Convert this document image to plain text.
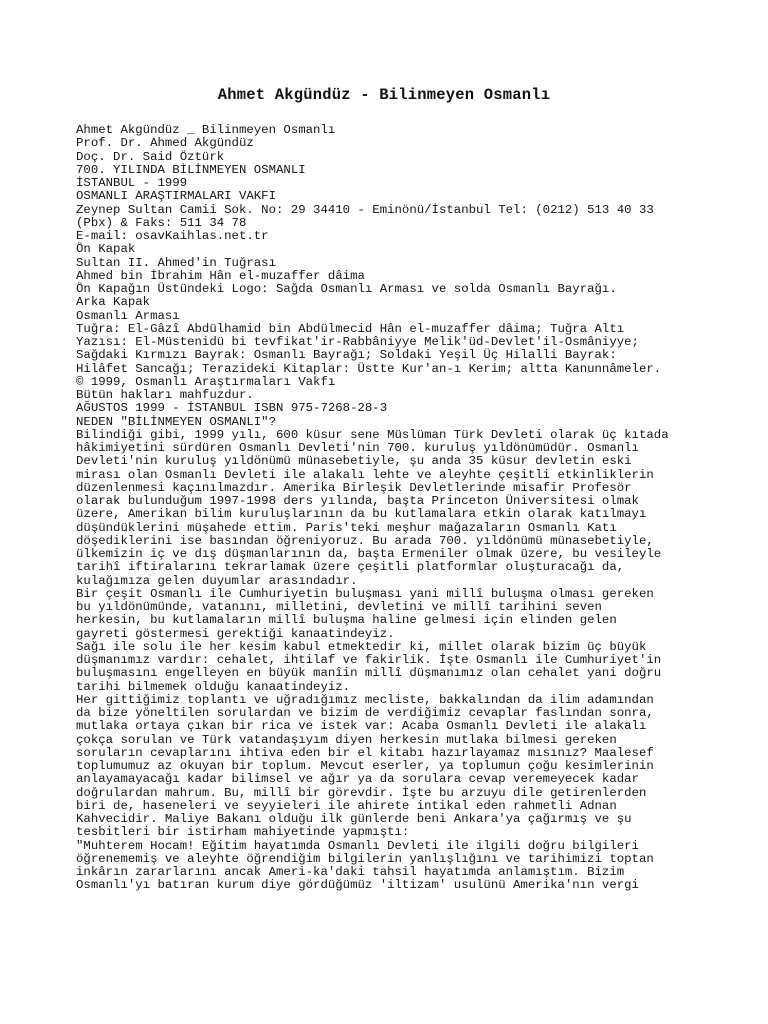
Ahmet Akgündüz - Bilinmeyen Osmanlı
Ahmet Akgündüz _ Bilinmeyen Osmanlı
Prof. Dr. Ahmed Akgündüz
Doç. Dr. Said Öztürk
700. YILINDA BİLİNMEYEN OSMANLI
İSTANBUL - 1999
OSMANLI ARAŞTIRMALARI VAKFI
Zeynep Sultan Camii Sok. No: 29 34410 - Eminönü/İstanbul Tel: (0212) 513 40 33
(Pbx) & Faks: 511 34 78
E-mail: osavKaihlas.net.tr
Ön Kapak
Sultan II. Ahmed'in Tuğrası
Ahmed bin İbrahim Hân el-muzaffer dâima
Ön Kapağın Üstündeki Logo: Sağda Osmanlı Arması ve solda Osmanlı Bayrağı.
Arka Kapak
Osmanlı Arması
Tuğra: El-Gâzî Abdülhamid bin Abdülmecid Hân el-muzaffer dâima; Tuğra Altı
Yazısı: El-Müstenidü bi tevfikat'ir-Rabbâniyye Melik'üd-Devlet'il-Osmâniyye;
Sağdaki Kırmızı Bayrak: Osmanlı Bayrağı; Soldaki Yeşil Üç Hilalli Bayrak:
Hilâfet Sancağı; Terazideki Kitaplar: Üstte Kur'an-ı Kerim; altta Kanunnâmeler.
© 1999, Osmanlı Araştırmaları Vakfı
Bütün hakları mahfuzdur.
AĞUSTOS 1999 - İSTANBUL ISBN 975-7268-28-3
NEDEN "BİLİNMEYEN OSMANLI"?
Bilindiği gibi, 1999 yılı, 600 küsur sene Müslüman Türk Devleti olarak üç kıtada
hâkimiyetini sürdüren Osmanlı Devleti'nin 700. kuruluş yıldönümüdür. Osmanlı
Devleti'nin kuruluş yıldönümü münasebetiyle, şu anda 35 küsur devletin eski
mirası olan Osmanlı Devleti ile alakalı lehte ve aleyhte çeşitli etkinliklerin
düzenlenmesi kaçınılmazdır. Amerika Birleşik Devletlerinde misafir Profesör
olarak bulunduğum 1997-1998 ders yılında, başta Princeton Üniversitesi olmak
üzere, Amerikan bilim kuruluşlarının da bu kutlamalara etkin olarak katılmayı
düşündüklerini müşahede ettim. Paris'teki meşhur mağazaların Osmanlı Katı
döşediklerini ise basından öğreniyoruz. Bu arada 700. yıldönümü münasebetiyle,
ülkemizin iç ve dış düşmanlarının da, başta Ermeniler olmak üzere, bu vesileyle
tarihî iftiralarını tekrarlamak üzere çeşitli platformlar oluşturacağı da,
kulağımıza gelen duyumlar arasındadır.
Bir çeşit Osmanlı ile Cumhuriyetin buluşması yani millî buluşma olması gereken
bu yıldönümünde, vatanını, milletini, devletini ve millî tarihini seven
herkesin, bu kutlamaların millî buluşma haline gelmesi için elinden gelen
gayreti göstermesi gerektiği kanaatindeyiz.
Sağı ile solu ile her kesim kabul etmektedir ki, millet olarak bizim üç büyük
düşmanımız vardır: cehalet, ihtilaf ve fakirlik. İşte Osmanlı ile Cumhuriyet'in
buluşmasını engelleyen en büyük manîin millî düşmanımız olan cehalet yani doğru
tarihi bilmemek olduğu kanaatindeyiz.
Her gittiğimiz toplantı ve uğradığımız mecliste, bakkalından da ilim adamından
da bize yöneltilen sorulardan ve bizim de verdiğimiz cevaplar faslından sonra,
mutlaka ortaya çıkan bir rica ve istek var: Acaba Osmanlı Devleti ile alakalı
çokça sorulan ve Türk vatandaşıyım diyen herkesin mutlaka bilmesi gereken
soruların cevaplarını ihtiva eden bir el kitabı hazırlayamaz mısınız? Maalesef
toplumumuz az okuyan bir toplum. Mevcut eserler, ya toplumun çoğu kesimlerinin
anlayamayacağı kadar bilimsel ve ağır ya da sorulara cevap veremeyecek kadar
doğrulardan mahrum. Bu, millî bir görevdir. İşte bu arzuyu dile getirenlerden
biri de, haseneleri ve seyyieleri ile ahirete intikal eden rahmetli Adnan
Kahvecidir. Maliye Bakanı olduğu ilk günlerde beni Ankara'ya çağırmış ve şu
tesbitleri bir istirham mahiyetinde yapmıştı:
"Muhterem Hocam! Eğitim hayatımda Osmanlı Devleti ile ilgili doğru bilgileri
öğrenememiş ve aleyhte öğrendiğim bilgilerin yanlışlığını ve tarihimizi toptan
inkârın zararlarını ancak Ameri-ka'daki tahsil hayatımda anlamıştım. Bizim
Osmanlı'yı batıran kurum diye gördüğümüz 'iltizam' usulünü Amerika'nın vergi
